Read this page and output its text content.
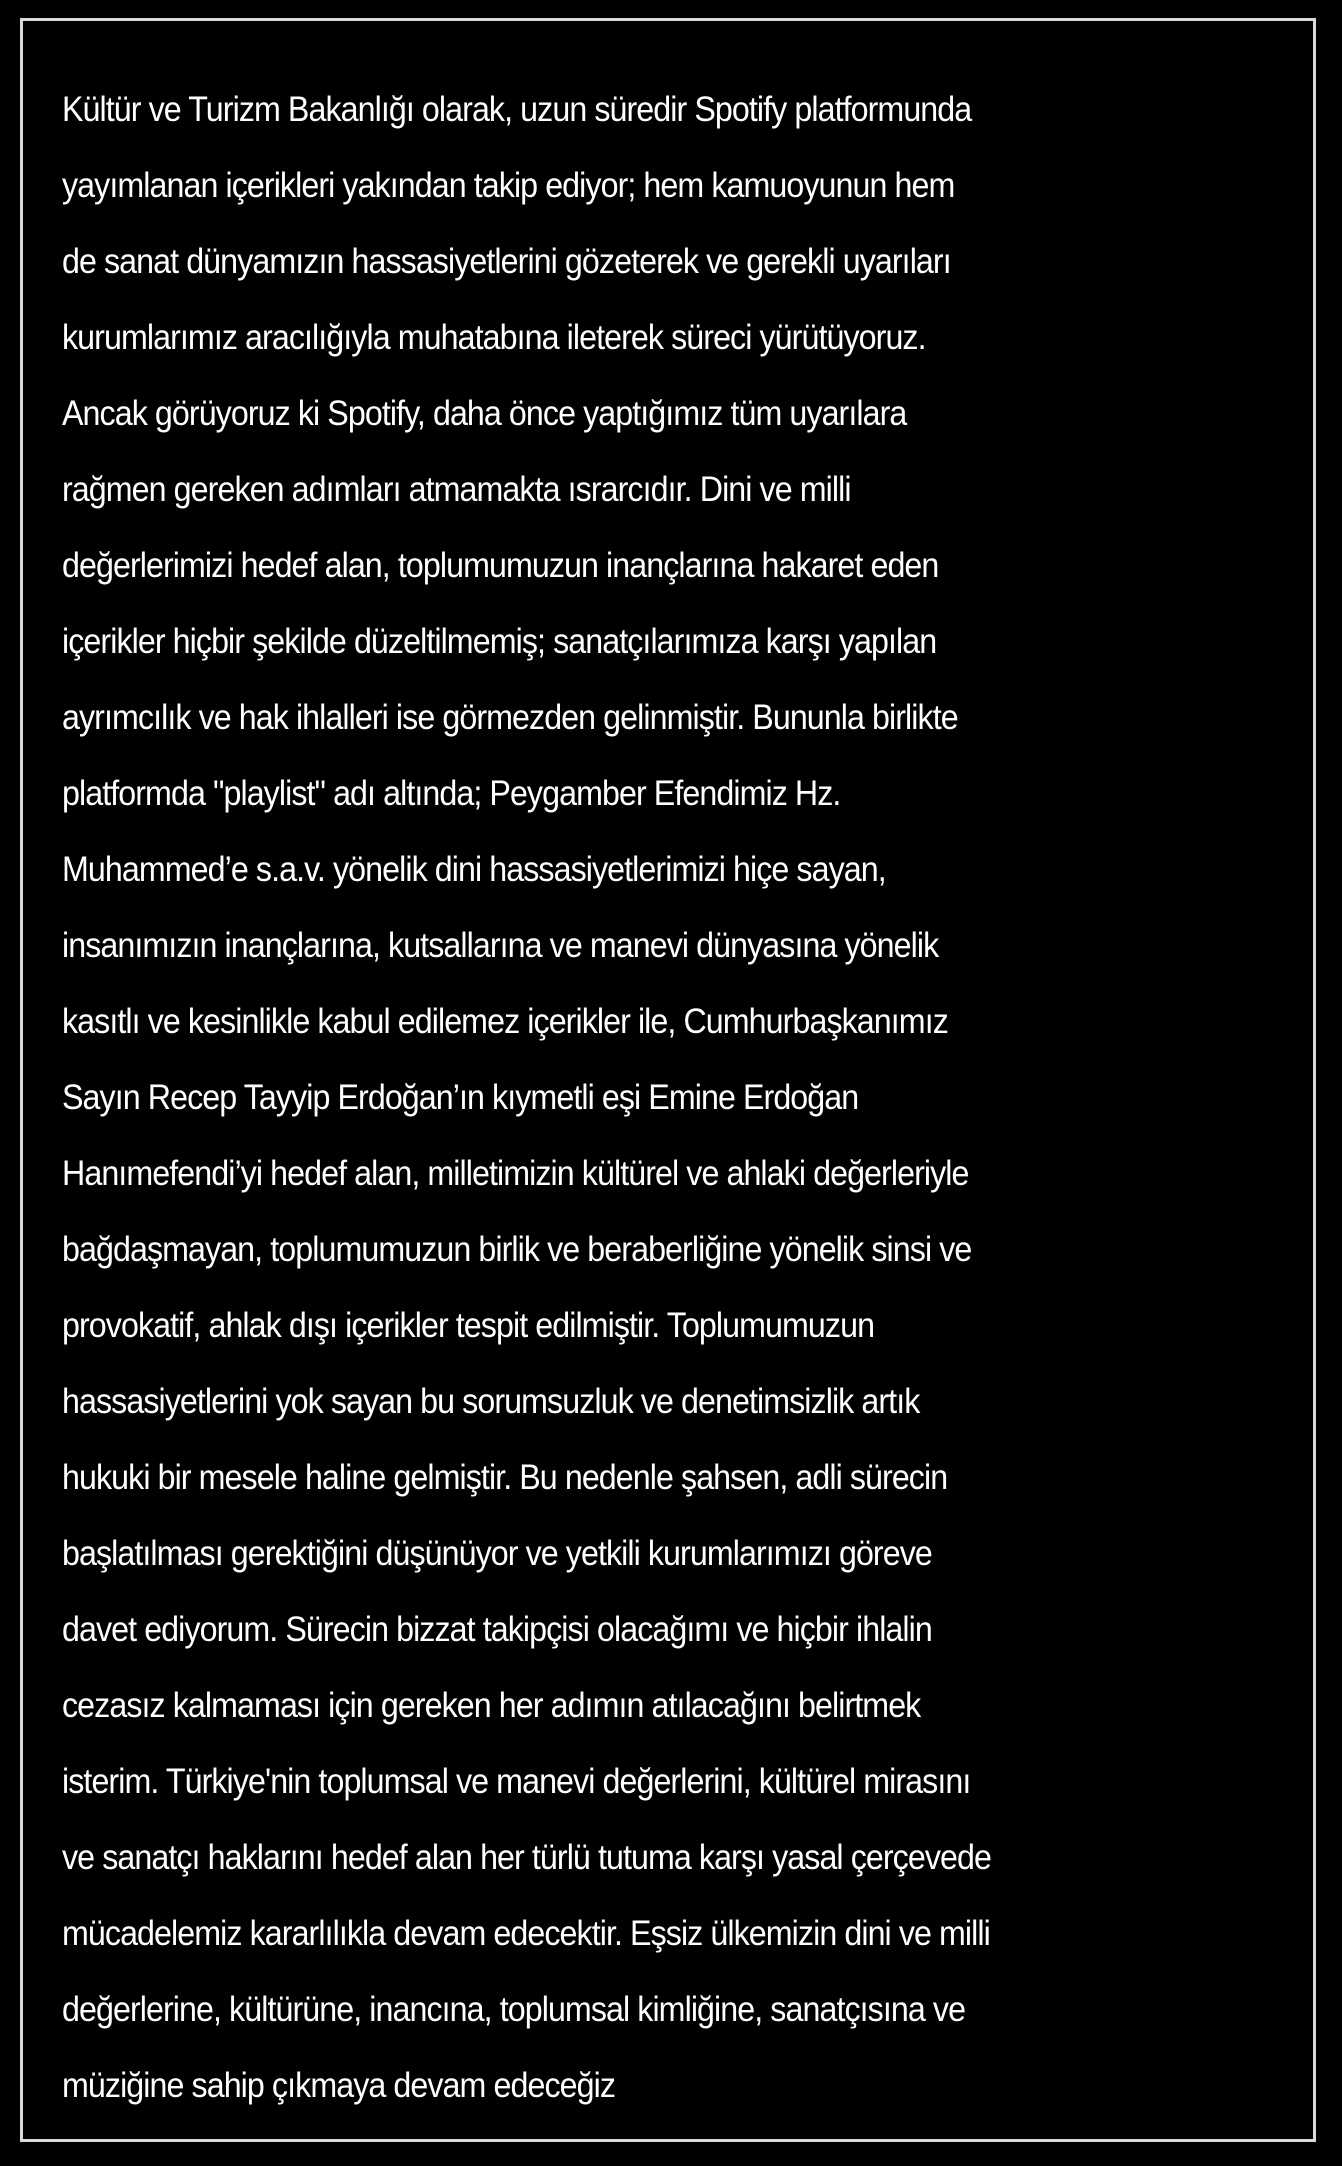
Kültür ve Turizm Bakanlığı olarak, uzun süredir Spotify platformunda
yayımlanan içerikleri yakından takip ediyor; hem kamuoyunun hem
de sanat dünyamızın hassasiyetlerini gözeterek ve gerekli uyarıları
kurumlarımız aracılığıyla muhatabına ileterek süreci yürütüyoruz.
Ancak görüyoruz ki Spotify, daha önce yaptığımız tüm uyarılara
rağmen gereken adımları atmamakta ısrarcıdır. Dini ve milli
değerlerimizi hedef alan, toplumumuzun inançlarına hakaret eden
içerikler hiçbir şekilde düzeltilmemiş; sanatçılarımıza karşı yapılan
ayrımcılık ve hak ihlalleri ise görmezden gelinmiştir. Bununla birlikte
platformda "playlist" adı altında; Peygamber Efendimiz Hz.
Muhammed’e s.a.v. yönelik dini hassasiyetlerimizi hiçe sayan,
insanımızın inançlarına, kutsallarına ve manevi dünyasına yönelik
kasıtlı ve kesinlikle kabul edilemez içerikler ile, Cumhurbaşkanımız
Sayın Recep Tayyip Erdoğan’ın kıymetli eşi Emine Erdoğan
Hanımefendi’yi hedef alan, milletimizin kültürel ve ahlaki değerleriyle
bağdaşmayan, toplumumuzun birlik ve beraberliğine yönelik sinsi ve
provokatif, ahlak dışı içerikler tespit edilmiştir. Toplumumuzun
hassasiyetlerini yok sayan bu sorumsuzluk ve denetimsizlik artık
hukuki bir mesele haline gelmiştir. Bu nedenle şahsen, adli sürecin
başlatılması gerektiğini düşünüyor ve yetkili kurumlarımızı göreve
davet ediyorum. Sürecin bizzat takipçisi olacağımı ve hiçbir ihlalin
cezasız kalmaması için gereken her adımın atılacağını belirtmek
isterim. Türkiye'nin toplumsal ve manevi değerlerini, kültürel mirasını
ve sanatçı haklarını hedef alan her türlü tutuma karşı yasal çerçevede
mücadelemiz kararlılıkla devam edecektir. Eşsiz ülkemizin dini ve milli
değerlerine, kültürüne, inancına, toplumsal kimliğine, sanatçısına ve
müziğine sahip çıkmaya devam edeceğiz
